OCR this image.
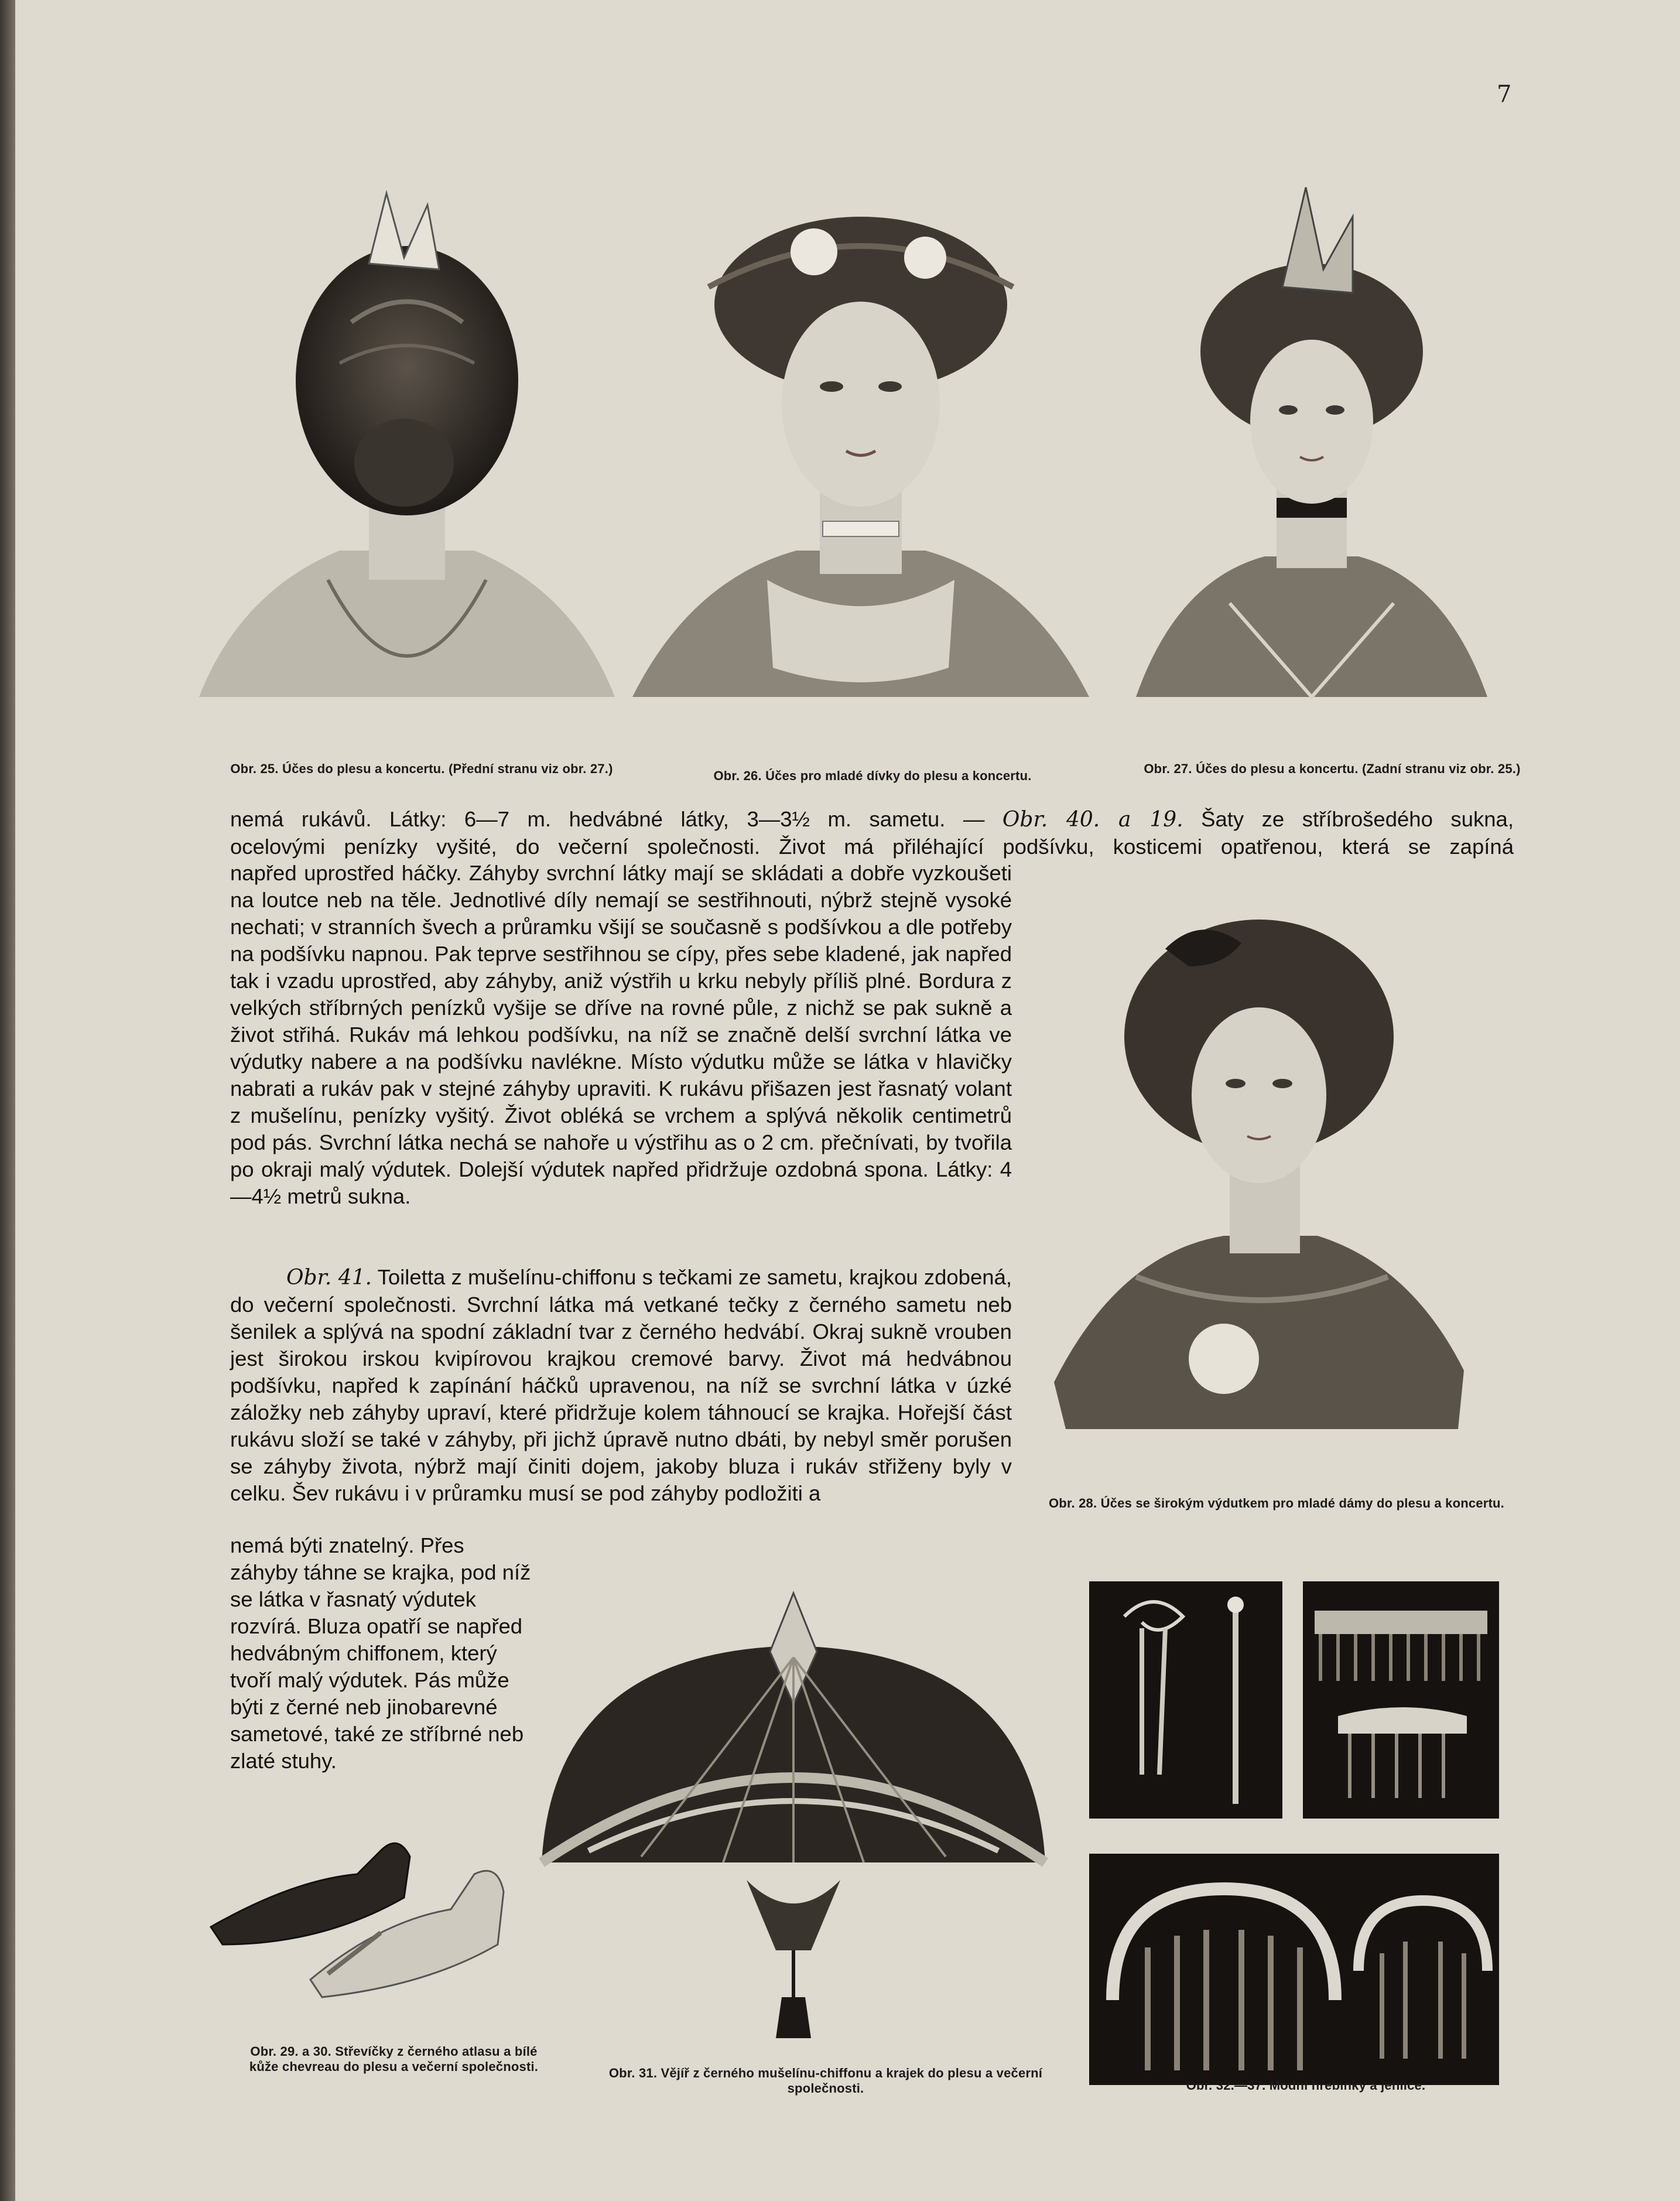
7
Obr. 25. Účes do plesu a koncertu. (Přední stranu viz obr. 27.)	Obr. 26. Účes pro mladé dívky do plesu a koncertu.	Obr. 27. Účes do plesu a koncertu. (Zadní stranu viz obr. 25.)

nemá rukávů. Látky: 6—7 m. hedvábné látky, 3—3½ m. sametu. — Obr. 40. a 19. Šaty ze stříbrošedého sukna,

ocelovými penízky vyšité, do večerní společnosti. Život má přiléhající podšívku, kosticemi opatřenou, která se zapíná

napřed uprostřed háčky. Záhyby svrchní látky mají se skládati a dobře vyzkoušeti na loutce neb na těle. Jednotlivé díly nemají se sestřihnouti, nýbrž stejně vysoké nechati; v stranních švech a průramku všijí se současně s podšívkou a dle potřeby na podšívku napnou. Pak teprve sestřihnou se cípy, přes sebe kladené, jak napřed tak i vzadu uprostřed, aby záhyby, aniž výstřih u krku nebyly příliš plné. Bordura z velkých stříbrných penízků vyšije se dříve na rovné půle, z nichž se pak sukně a život střihá. Rukáv má lehkou podšívku, na níž se značně delší svrchní látka ve výdutky nabere a na podšívku navlékne. Místo výdutku může se látka v hlavičky nabrati a rukáv pak v stejné záhyby upraviti. K rukávu přišazen jest řasnatý volant z mušelínu, penízky vyšitý. Život obléká se vrchem a splývá několik centimetrů pod pás. Svrchní látka nechá se nahoře u výstřihu as o 2 cm. přečnívati, by tvořila po okraji malý výdutek. Dolejší výdutek napřed přidržuje ozdobná spona. Látky: 4—4½ metrů sukna.

Obr. 41. Toiletta z mušelínu-chiffonu s tečkami ze sametu, krajkou zdobená, do večerní společnosti. Svrchní látka má vetkané tečky z černého sametu neb šenilek a splývá na spodní základní tvar z černého hedvábí. Okraj sukně vrouben jest širokou irskou kvipírovou krajkou cremové barvy. Život má hedvábnou podšívku, napřed k zapínání háčků upravenou, na níž se svrchní látka v úzké záložky neb záhyby upraví, které přidržuje kolem táhnoucí se krajka. Hořejší část rukávu složí se také v záhyby, při jichž úpravě nutno dbáti, by nebyl směr porušen se záhyby života, nýbrž mají činiti dojem, jakoby bluza i rukáv střiženy byly v celku. Šev rukávu i v průramku musí se pod záhyby podložiti a

nemá býti znatelný. Přes záhyby táhne se krajka, pod níž se látka v řasnatý výdutek rozvírá. Bluza opatří se napřed hedvábným chiffonem, který tvoří malý výdutek. Pás může býti z černé neb jinobarevné sametové, také ze stříbrné neb zlaté stuhy.

Obr. 28. Účes se širokým výdutkem pro mladé dámy do plesu a koncertu.
Obr. 29. a 30. Střevíčky z černého atlasu a bílé kůže chevreau do plesu a večerní společnosti.	Obr. 31. Vějíř z černého mušelínu-chiffonu a krajek do plesu a večerní společnosti.	Obr. 32.—37. Modní hřebínky a jehlice.
